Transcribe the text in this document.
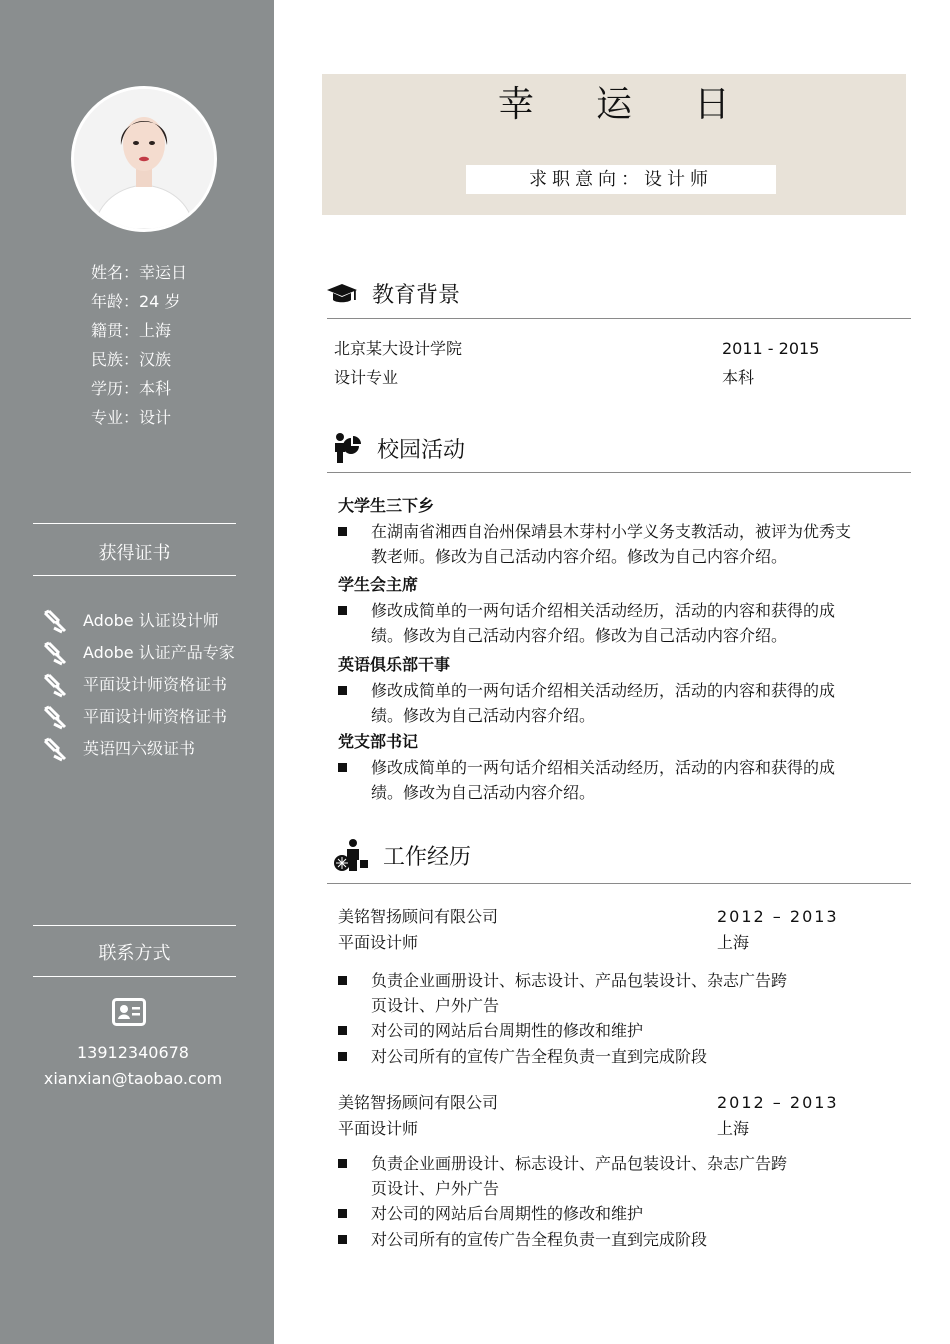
姓名：幸运日
年龄：24 岁
籍贯：上海
民族：汉族
学历：本科
专业：设计
获得证书
Adobe 认证设计师
Adobe 认证产品专家
平面设计师资格证书
平面设计师资格证书
英语四六级证书
联系方式
13912340678
xianxian@taobao.com
幸运日
求职意向：设计师
教育背景
北京某大设计学院	2011 - 2015
设计专业	本科
校园活动
大学生三下乡
在湖南省湘西自治州保靖县木芽村小学义务支教活动，被评为优秀支教老师。修改为自己活动内容介绍。修改为自己内容介绍。
学生会主席
修改成简单的一两句话介绍相关活动经历，活动的内容和获得的成绩。修改为自己活动内容介绍。修改为自己活动内容介绍。
英语俱乐部干事
修改成简单的一两句话介绍相关活动经历，活动的内容和获得的成绩。修改为自己活动内容介绍。
党支部书记
修改成简单的一两句话介绍相关活动经历，活动的内容和获得的成绩。修改为自己活动内容介绍。
工作经历
美铭智扬顾问有限公司	2012 – 2013
平面设计师	上海
负责企业画册设计、标志设计、产品包装设计、杂志广告跨页设计、户外广告
对公司的网站后台周期性的修改和维护
对公司所有的宣传广告全程负责一直到完成阶段
美铭智扬顾问有限公司	2012 – 2013
平面设计师	上海
负责企业画册设计、标志设计、产品包装设计、杂志广告跨页设计、户外广告
对公司的网站后台周期性的修改和维护
对公司所有的宣传广告全程负责一直到完成阶段
